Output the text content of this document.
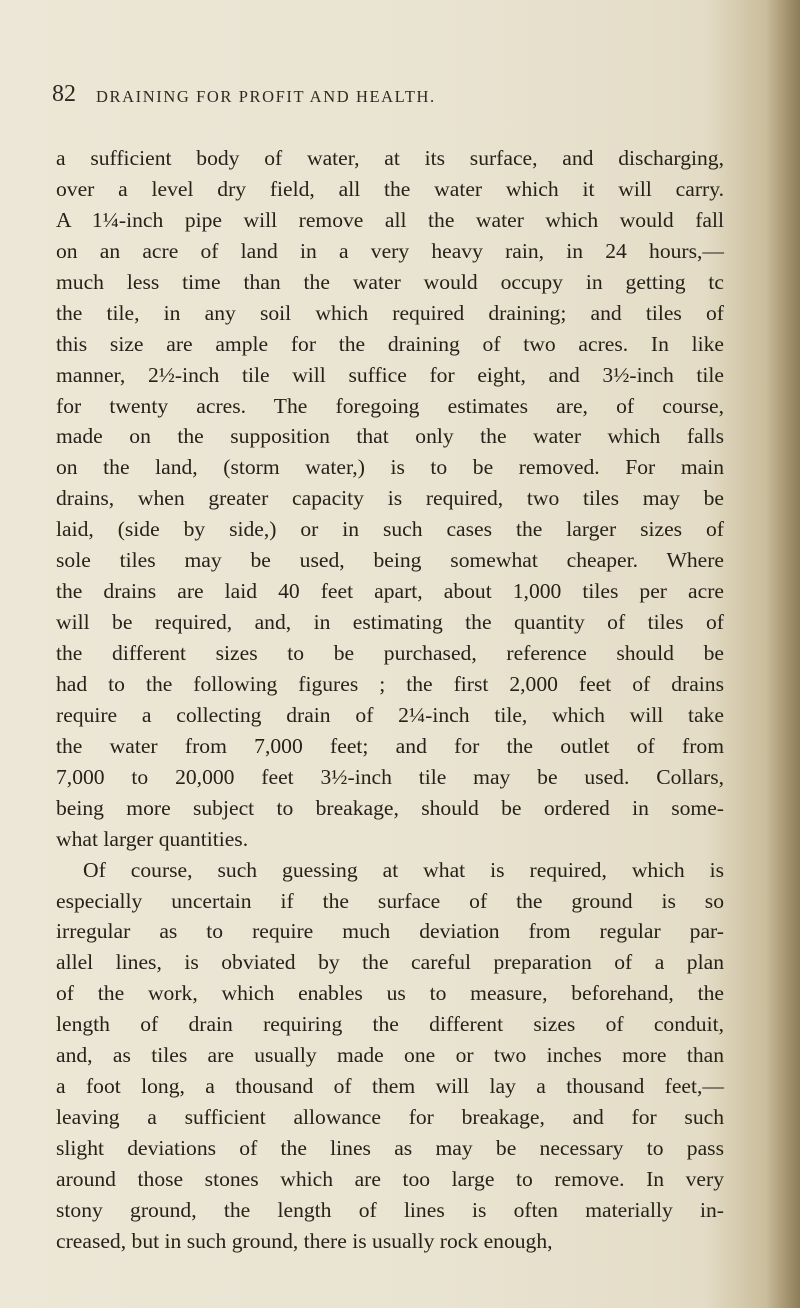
82 DRAINING FOR PROFIT AND HEALTH.
a sufficient body of water, at its surface, and discharging,
over a level dry field, all the water which it will carry.
A 1¼-inch pipe will remove all the water which would fall
on an acre of land in a very heavy rain, in 24 hours,—
much less time than the water would occupy in getting tc
the tile, in any soil which required draining; and tiles of
this size are ample for the draining of two acres. In like
manner, 2½-inch tile will suffice for eight, and 3½-inch tile
for twenty acres. The foregoing estimates are, of course,
made on the supposition that only the water which falls
on the land, (storm water,) is to be removed. For main
drains, when greater capacity is required, two tiles may be
laid, (side by side,) or in such cases the larger sizes of
sole tiles may be used, being somewhat cheaper. Where
the drains are laid 40 feet apart, about 1,000 tiles per acre
will be required, and, in estimating the quantity of tiles of
the different sizes to be purchased, reference should be
had to the following figures ; the first 2,000 feet of drains
require a collecting drain of 2¼-inch tile, which will take
the water from 7,000 feet; and for the outlet of from
7,000 to 20,000 feet 3½-inch tile may be used. Collars,
being more subject to breakage, should be ordered in some-
what larger quantities.
Of course, such guessing at what is required, which is
especially uncertain if the surface of the ground is so
irregular as to require much deviation from regular par-
allel lines, is obviated by the careful preparation of a plan
of the work, which enables us to measure, beforehand, the
length of drain requiring the different sizes of conduit,
and, as tiles are usually made one or two inches more than
a foot long, a thousand of them will lay a thousand feet,—
leaving a sufficient allowance for breakage, and for such
slight deviations of the lines as may be necessary to pass
around those stones which are too large to remove. In very
stony ground, the length of lines is often materially in-
creased, but in such ground, there is usually rock enough,
